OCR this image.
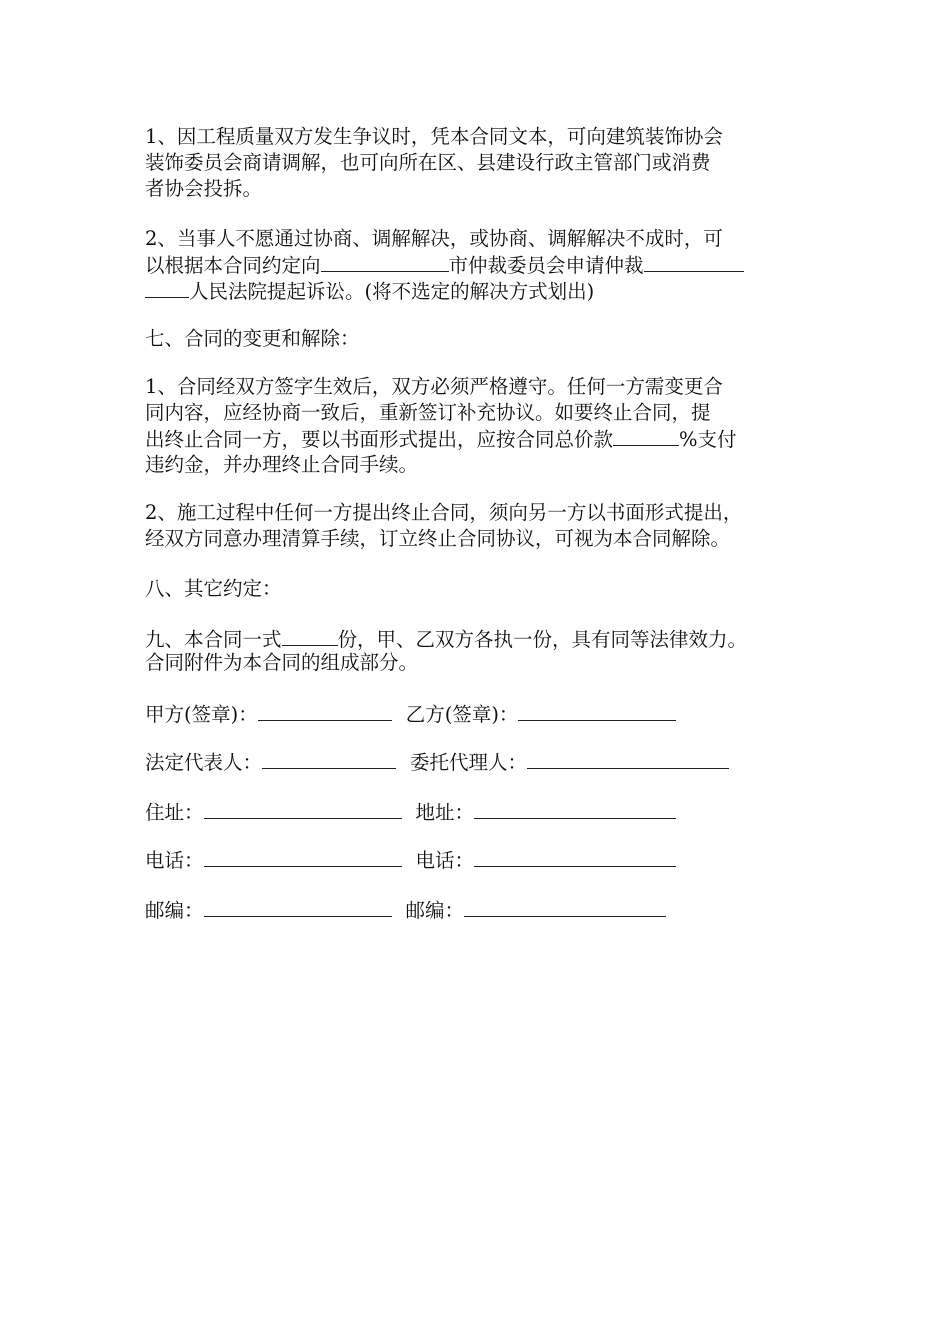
1、因工程质量双方发生争议时，凭本合同文本，可向建筑装饰协会
装饰委员会商请调解，也可向所在区、县建设行政主管部门或消费
者协会投拆。
2、当事人不愿通过协商、调解解决，或协商、调解解决不成时，可
以根据本合同约定向	市仲裁委员会申请仲裁
人民法院提起诉讼。(将不选定的解决方式划出)
七、合同的变更和解除：
1、合同经双方签字生效后，双方必须严格遵守。任何一方需变更合
同内容，应经协商一致后，重新签订补充协议。如要终止合同，提
出终止合同一方，要以书面形式提出，应按合同总价款	%支付
违约金，并办理终止合同手续。
2、施工过程中任何一方提出终止合同，须向另一方以书面形式提出，
经双方同意办理清算手续，订立终止合同协议，可视为本合同解除。
八、其它约定：
九、本合同一式	份，甲、乙双方各执一份，具有同等法律效力。
合同附件为本合同的组成部分。
甲方(签章)：	乙方(签章)：
法定代表人：	委托代理人：
住址：	地址：
电话：	电话：
邮编：	邮编：
